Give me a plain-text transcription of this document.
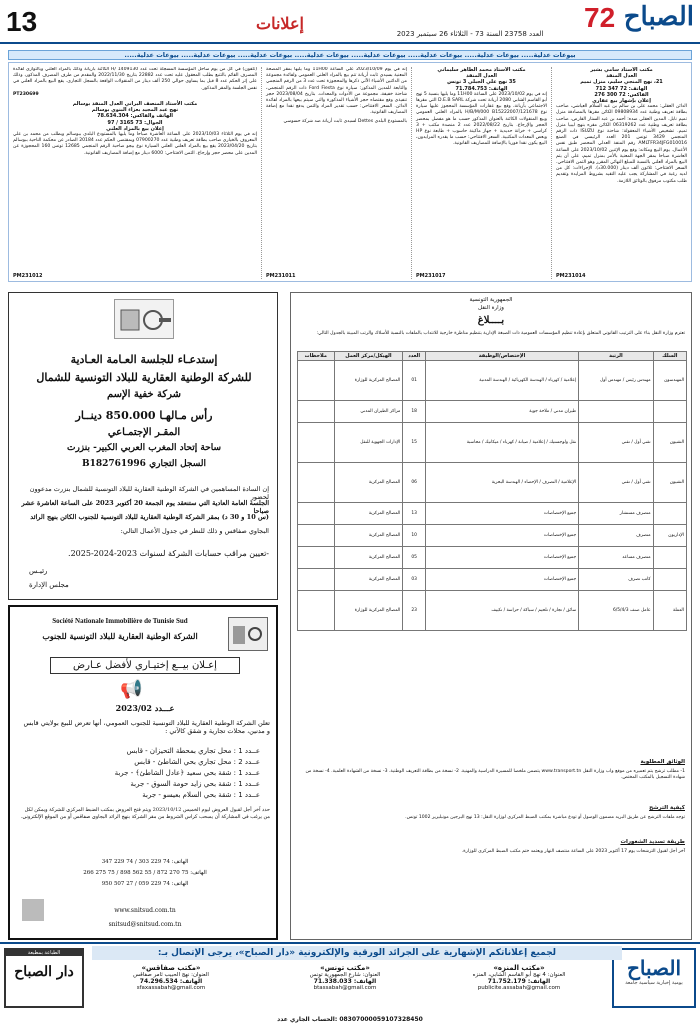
13	إعلانات
العدد 23758 السنة 73 - الثلاثاء 26 سبتمبر 2023
الصباح
72
بيوعات عدلية..... بيوعات عدلية..... بيوعات عدلية..... بيوعات عدلية..... بيوعات عدلية..... بيوعات عدلية..... بيوعات عدلية..... بيوعات عدلية.....
مكتب الأستاذ سامي بشير
العدل المنفذ
21، نهج المنجي سليم، منزل تميم
الهاتف: 72 347 712
الفاكس: 72 300 276
إعلان بإشهار بيع عقاري
الدائن العقلي: محمد على بن سالم بن عبد السلام العياشي، صاحب بطاقة تعريف وطنية عدد 09808934 الكائن مقرها بالمصادقة منزل تميم نابل. المدين العقلي ضده: أحمد بن عبد الستار القارص، صاحب بطاقة تعريف وطنية عدد 06319262 الكائن مقره بنهج ليبيا منزل تميم. تشخيص الأشياء المعقولة: شاحنة نوع ISUZU ذات الرقم المنجمي 3429 تونس 201 العدد الرئيسي في الصنع AMLTFR34JFG010016 رقم المنفذ العدلي المحضر طبق نفس الأعمال. يوم البيع ومكانه: وقع يوم الإثنين 2023/10/02 على الساعة العاشرة صباحا بمقر الجهة المعنية بالأمر بمنزل تميم، على أن يتم البيع بالمزاد العلني بالنسبة للمبلغ النهائي المقرر وهو الثمن الافتتاحي. السعر الافتتاحي: ثلاثون ألف دينار (30.000د). الإجراءات: كل من لديه رغبة في المشاركة يجب عليه التقيد بشروط المزايدة وتقديم طلب مكتوب مرفوق بالوثائق اللازمة.
PM231014
مكتب الأستاذ محمد الطاهر سليماني
العدل المنفذ
35 نهج علي الجبلي 3 تونس
الهاتف: 71.784.753
إنه في يوم 2023/10/02 على الساعة 11H00 وما يليها بنسبة 5 نهج أبو القاسم الشابي 2080 أريانة تحت شركة D.E.B SARL التي مقرها الاجتماعي بأريانة، وقع بيع عقارات المؤسسة المحجوز عليها سيارة نوع 121678/H/B/M/000 B15222007 بالمزاد العلني العمومي وبيع المنقولات الكائنة بالعنوان المذكور حسب ما هو مفصل بمحضر الحجز والإرجاع. بتاريخ 2022/08/22 عدد 2 منضدة مكتب + 3 كراسي + خزانة حديدية + جهاز ماكينة حاسوب + طابعة نوع HP وبعض المعدات المكتبية. السعر الافتتاحي: حسب ما يقدره المزايدون، البيع يكون نقدا فوريا بالإضافة للمصاريف القانونية.
PM231017
إنه في يوم 2023/10/09 على الساعة 11H00 وما يليها بمقر المصحة المعنية بسيدي ثابت أريانة تتم بيع بالمزاد العلني العمومي ولفائدة مجموعة من الدائنين الأشياء الآتي ذكرها والمحجوزة تحت عدد 3 من الرقم المنجمي والتابعة للمدين المذكور: سيارة نوع Ford Fiesta ذات الرقم المنجمي، شاحنة خفيفة، مجموعة من الأدوات والمعدات. بتاريخ 2023/08/04 حجز تنفيذي وقع مقتضاه حجز الأشياء المذكورة والتي سيتم بيعها بالمزاد لفائدة الدائن. السعر الافتتاحي: حسب تقدير المزاد والثمن يدفع نقدا مع إضافة المصاريف القانونية.
بالمستودع البلدي Dettes لسيدي ثابت أريانة ضد شركة حسوسي
PM231011
(تلفون) في كل من يوم ساحل المؤسسة المسجلة تحت عدد 1409130 /H الكائنة بأريانة وذلك بالمزاد العلني وبالتوازي لفائدة المصرف القائم بالتتبع بطلب المعقول عليه تحت عدد 22882 بتاريخ 2022/11/30 والمقدم من طرف المصرف المذكور، وذلك على إثر الحكم عدد 8 قبل بما يساوي حوالي 250 ألف دينار من المنقولات الواقعة بالسجل التجاري. يقع البيع بالمزاد العلني في نفس الجلسة والمقر المذكور.
PT230699
مكتب الأستاذ المنصف البراني العدل المنفذ بوسالم
نهج عبد المجيد بعزاء البنوي بوسالم
الهاتف والفاكس: 78.634.304
الجوال: 73 3165 / 97
إعلان بيع بالمزاد العلني
إنه في يوم الثلاثاء 2023/10/03 على الساعة العاشرة صباحا وما يليها بالمستودع البلدي ببوسالم وبطلب من محمد بن علي المعروف بالخياري صاحب بطاقة تعريف وطنية عدد 07900270 وبمقتضى الحكم عدد 20184 الصادر عن محكمة الناحية ببوسالم بتاريخ 2023/04/20 يقع بيع بالمزاد العلني العلني السيارة نوع بيجو صاحبة الرقم المنجمي 12685 تونس 160 المحجوزة عن المدين على محضر حجز وإرجاع. الثمن الافتتاحي: 6000 دينار مع إضافة المصاريف القانونية.
PM231012
إستدعـاء للجلسة العـامة العـادية
للشركة الوطنية العقارية للبلاد التونسية للشمال
شركة خفية الإسم
رأس مـالهـا 850.000 دينــار
المقـر الإجتمـاعي
ساحة إتحاد المغرب العربي الكبير- بنزرت
السجل التجاري B182761996
إن السادة المساهمين في الشركة الوطنية العقارية للبلاد التونسية للشمال بنزرت مدعوون لحضور
الجلسة العامة العادية التي ستنعقد يوم الجمعة 20 أكتوبر 2023 على الساعة العاشرة عشر صباحا
(س 10 و 30 د) بمقر الشركة الوطنية العقارية للبلاد التونسية للجنوب الكائن بنهج الرائد
البجاوي صفاقس و ذلك للنظر في جدول الأعمال التالي:
-تعيين مراقب حسابات الشركة لسنوات 2023-2024-2025.
رئيـس
مجلس الإدارة
Société Nationale Immobilière de Tunisie Sud
الشركة الوطنية العقارية للبلاد التونسية للجنوب
إعـلان بيــع إختيـاري لأفضل عـارض
📢
عـــدد 2023/02
تعلن الشركة الوطنية العقارية للبلاد التونسية للجنوب العمومي، أنها تعرض للبيع بولايتي قابس و مدنين، محلات تجارية و شقق كالآتي :
عــدد 1 : محل تجاري بمحطة التحيزان - قابس
عــدد 2 : محل تجاري بحي الشاطئ - قابس
عــدد 1 : شقة بحي سعيد ﴿عادل الشاطئ﴾ - جربة
عــدد 1 : شقة بحي زايد حومة السوق - جربة
عــدد 1 : شقة بحي السلام بعيسو - جربة
حدد آخر أجل لقبول العروض ليوم الخميس 2023/10/12 ويتم فتح العروض بمكتب الضبط المركزي للشركة ويمكن لكل من يرغب في المشاركة أن يسحب كراس الشروط من مقر الشركة بنهج الرائد البجاوي صفاقس أو من الموقع الإلكتروني.
الهاتف: 74 229 303 / 74 229 347
الهاتف: 75 270 872 / 55 562 898 / 75 275 266
الهاتف: 74 229 059 / 27 507 950
www.snitsud.com.tn
snitsud@snitsud.com.tn
الجمهورية التونسية
وزارة النقل
بــــلاغ
تعتزم وزارة النقل بناء على الترتيب القانوني المتعلق بإعادة تنظيم المؤسسات العمومية ذات الصبغة الإدارية بتنظيم مناظرة خارجية للانتداب بالملفات بالنسبة للأسلاك والرتب المبينة بالجدول التالي:
السلك	الرتبة	الإختصاص/الوظيفة	العدد	الهيكل/مركز العمل	ملاحظات
المهندسون	مهندس رئيس / مهندس أول	إعلامية / كهرباء / الهندسة الكهربائية / الهندسة المدنية	01	المصالح المركزية للوزارة	
		طيران مدني / ملاحة جوية	18	مراكز الطيران المدني	
التقنيون	تقني أول / تقني	نقل ولوجستيك / إعلامية / صيانة / كهرباء / ميكانيك / محاسبة	15	الإدارات الجهوية للنقل	
التقنيون	تقني أول / تقني	الإعلامية / التصرف / الإحصاء / الهندسة البحرية	06	المصالح المركزية	
	متصرف مستشار	جميع الإختصاصات	13	المصالح المركزية	
الإداريون	متصرف	جميع الإختصاصات	10	المصالح المركزية	
	متصرف مساعد	جميع الإختصاصات	05	المصالح المركزية	
	كاتب تصرف	جميع الإختصاصات	03	المصالح المركزية	
العملة	عامل صنف 6/5/4/3	سائق / تجارة / تلحيم / سباكة / حراسة / تكييف	23	المصالح المركزية للوزارة	
الوثائق المطلوبة
1- مطلب ترشح يتم تعميره من موقع واب وزارة النقل www.transport.tn يتضمن ملخصا للمسيرة الدراسية والمهنية. 2- نسخة من بطاقة التعريف الوطنية. 3- نسخة من الشهادة العلمية. 4- نسخة من شهادة التسجيل بالمكتب المختص.
كيفية الترشح
توجه ملفات الترشح عن طريق البريد مضمون الوصول أو تودع مباشرة بمكتب الضبط المركزي لوزارة النقل: 13 نهج البرجين مونبليزير 1002 تونس.
طريقة تسديد الشغورات
آخر أجل لقبول الترشحات يوم 17 أكتوبر 2023 على الساعة منتصف النهار ويعتمد ختم مكتب الضبط المركزي للوزارة.
الصباح
يومية إخبارية سياسية جامعة
لجميع إعلاناتكم الإشهارية على الجرائد الورقية والإلكترونية «دار الصباح»، يرجى الإتصال بـ:
«مكتب المنزه»
العنوان: 4 نهج أبو القاسم الشابي، المنزه
الهاتف: 71.752.179
publicite.assabah@gmail.com
«مكتب تونس»
العنوان: شارع الجمهورية تونس
الهاتف: 71.338.033
btassabah@gmail.com
«مكتب صفاقس»
العنوان: نهج الحبيب ثامر صفاقس
الهاتف: 74.296.534
sfaxassabah@gmail.com
الطباعة بمطبعة
دار الصباح
08307000059107328450 :الحساب الجاري عدد
